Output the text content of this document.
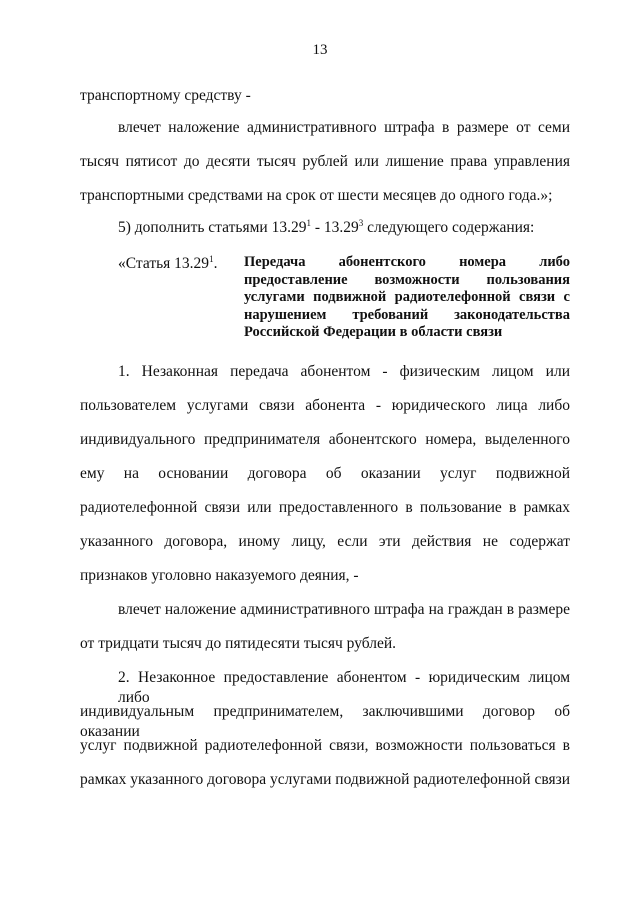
13
транспортному средству -
влечет наложение административного штрафа в размере от семи
тысяч пятисот до десяти тысяч рублей или лишение права управления
транспортными средствами на срок от шести месяцев до одного года.»;
5) дополнить статьями 13.29$^1$ - 13.29$^3$ следующего содержания:
«Статья 13.29$^1$. Передача абонентского номера либо
предоставление возможности пользования
услугами подвижной радиотелефонной связи с
нарушением требований законодательства
Российской Федерации в области связи
1. Незаконная передача абонентом - физическим лицом или
пользователем услугами связи абонента - юридического лица либо
индивидуального предпринимателя абонентского номера, выделенного
ему на основании договора об оказании услуг подвижной
радиотелефонной связи или предоставленного в пользование в рамках
указанного договора, иному лицу, если эти действия не содержат
признаков уголовно наказуемого деяния, -
влечет наложение административного штрафа на граждан в размере
от тридцати тысяч до пятидесяти тысяч рублей.
2. Незаконное предоставление абонентом - юридическим лицом либо
индивидуальным предпринимателем, заключившими договор об оказании
услуг подвижной радиотелефонной связи, возможности пользоваться в
рамках указанного договора услугами подвижной радиотелефонной связи
